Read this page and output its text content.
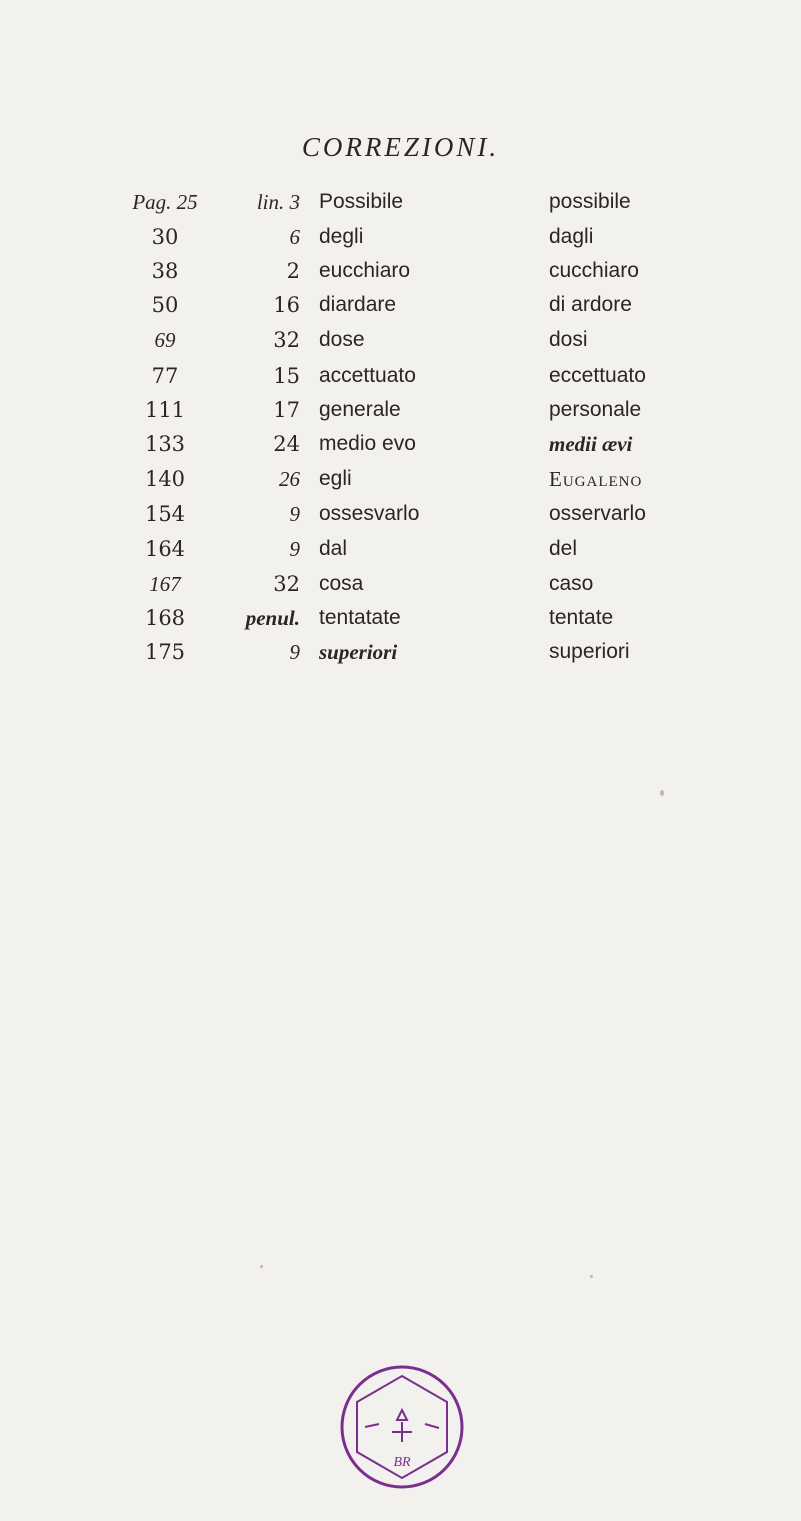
CORREZIONI.
Pag. 25	lin. 3 Possibile	possibile
30	6 degli	dagli
38	2 eucchiaro	cucchiaro
50	16 diardare	di ardore
69	32 dose	dosi
77	15 accettuato	eccettuato
111	17 generale	personale
133	24 medio evo	medii ævi
140	26 egli	Eugaleno
154	9 ossesvarlo	osservarlo
164	9 dal	del
167	32 cosa	caso
168	penul. tentatate	tentate
175	9 superiori	superiori
BR
